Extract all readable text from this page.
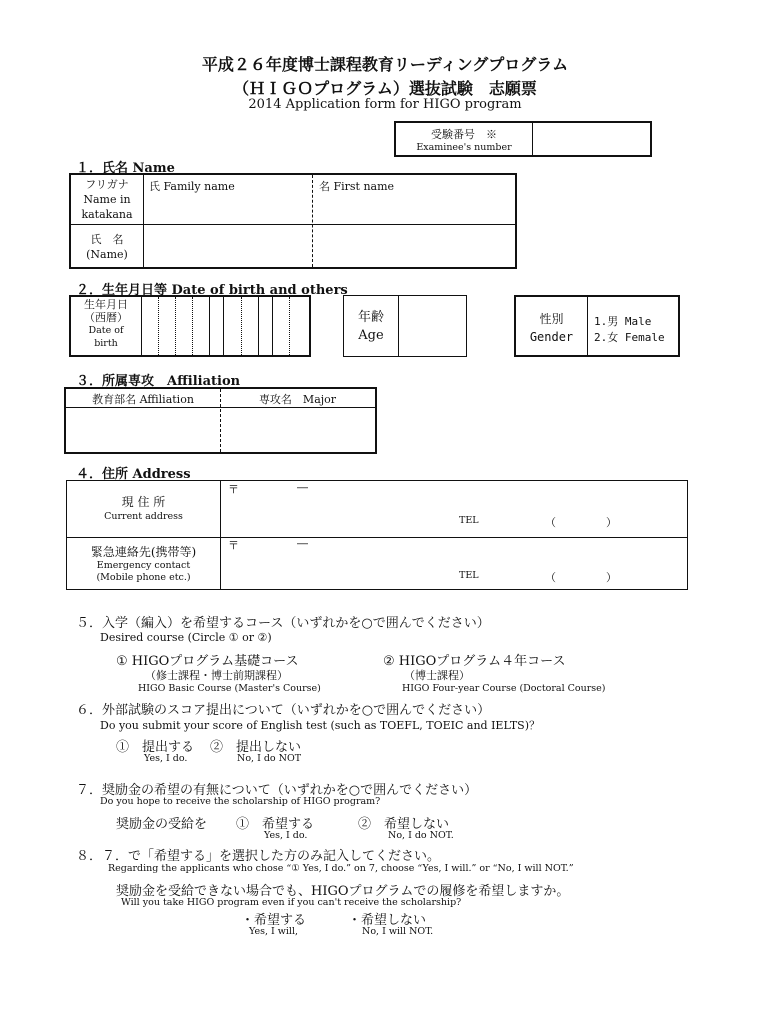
平成２６年度博士課程教育リーディングプログラム
（ＨＩＧＯプログラム）選抜試験　志願票
2014 Application form for HIGO program
受験番号　※
Examinee's number
１．氏名 Name
フリガナ
Name in
katakana
氏 Family name	名 First name
氏　名
(Name)
２．生年月日等 Date of birth and others
生年月日
（西暦）
Date of
birth
年齢
Age
性別
Gender
1.男 Male
2.女 Female
３．所属専攻　Affiliation
教育部名 Affiliation	専攻名　Major
４．住所 Address
現 住 所
Current address
〒	―
TEL	（	）
緊急連絡先(携帯等)
Emergency contact
(Mobile phone etc.)
〒	―
TEL	（	）
５．入学（編入）を希望するコース（いずれかを○で囲んでください）
Desired course (Circle ① or ②)
① HIGOプログラム基礎コース
（修士課程・博士前期課程）
HIGO Basic Course (Master's Course)
② HIGOプログラム４年コース
（博士課程）
HIGO Four-year Course (Doctoral Course)
６．外部試験のスコア提出について（いずれかを○で囲んでください）
Do you submit your score of English test (such as TOEFL, TOEIC and IELTS)？
①　提出する ②　提出しない
Yes, I do.	No, I do NOT
７．奨励金の希望の有無について（いずれかを○で囲んでください）
Do you hope to receive the scholarship of HIGO program?
奨励金の受給を ①　希望する	②　希望しない
Yes, I do.	No, I do NOT.
８．７．で「希望する」を選択した方のみ記入してください。
Regarding the applicants who chose “① Yes, I do.” on 7, choose “Yes, I will.” or “No, I will NOT.”
奨励金を受給できない場合でも、HIGOプログラムでの履修を希望しますか。
Will you take HIGO program even if you can't receive the scholarship?
・希望する	・希望しない
Yes, I will,	No, I will NOT.
